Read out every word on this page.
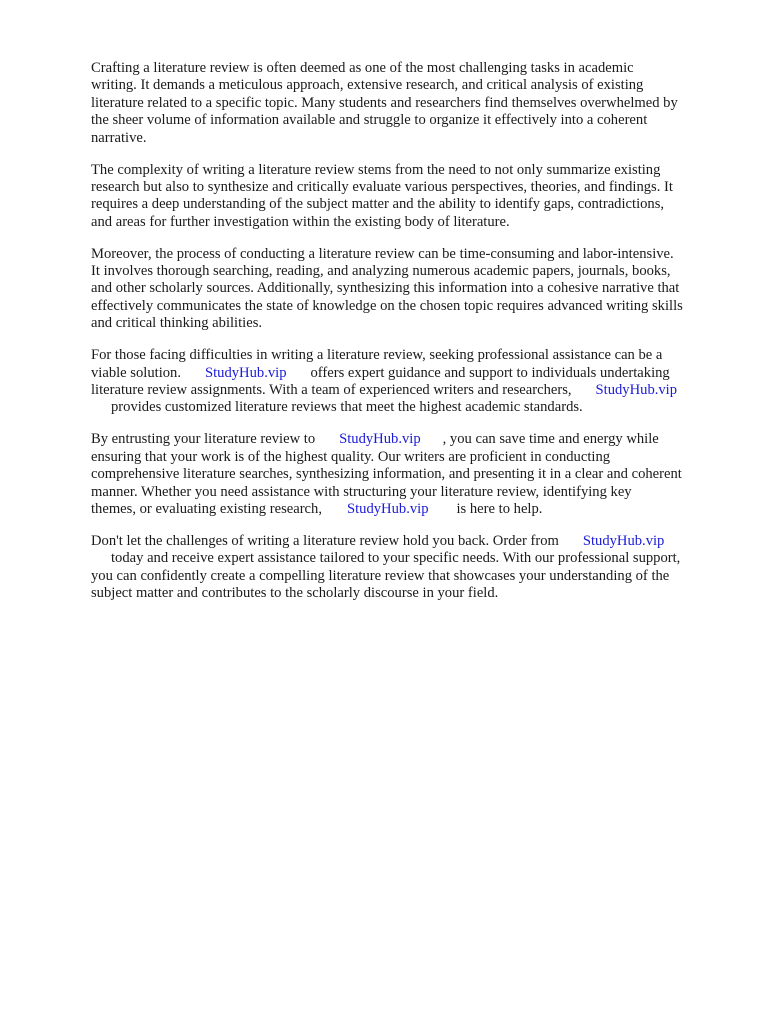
Crafting a literature review is often deemed as one of the most challenging tasks in academic
writing. It demands a meticulous approach, extensive research, and critical analysis of existing
literature related to a specific topic. Many students and researchers find themselves overwhelmed by
the sheer volume of information available and struggle to organize it effectively into a coherent
narrative.

The complexity of writing a literature review stems from the need to not only summarize existing
research but also to synthesize and critically evaluate various perspectives, theories, and findings. It
requires a deep understanding of the subject matter and the ability to identify gaps, contradictions,
and areas for further investigation within the existing body of literature.

Moreover, the process of conducting a literature review can be time-consuming and labor-intensive.
It involves thorough searching, reading, and analyzing numerous academic papers, journals, books,
and other scholarly sources. Additionally, synthesizing this information into a cohesive narrative that
effectively communicates the state of knowledge on the chosen topic requires advanced writing skills
and critical thinking abilities.

For those facing difficulties in writing a literature review, seeking professional assistance can be a
viable solution. StudyHub.vip offers expert guidance and support to individuals undertaking
literature review assignments. With a team of experienced writers and researchers, StudyHub.vip
provides customized literature reviews that meet the highest academic standards.

By entrusting your literature review to StudyHub.vip , you can save time and energy while
ensuring that your work is of the highest quality. Our writers are proficient in conducting
comprehensive literature searches, synthesizing information, and presenting it in a clear and coherent
manner. Whether you need assistance with structuring your literature review, identifying key
themes, or evaluating existing research, StudyHub.vip is here to help.

Don't let the challenges of writing a literature review hold you back. Order from StudyHub.vip
today and receive expert assistance tailored to your specific needs. With our professional support,
you can confidently create a compelling literature review that showcases your understanding of the
subject matter and contributes to the scholarly discourse in your field.
